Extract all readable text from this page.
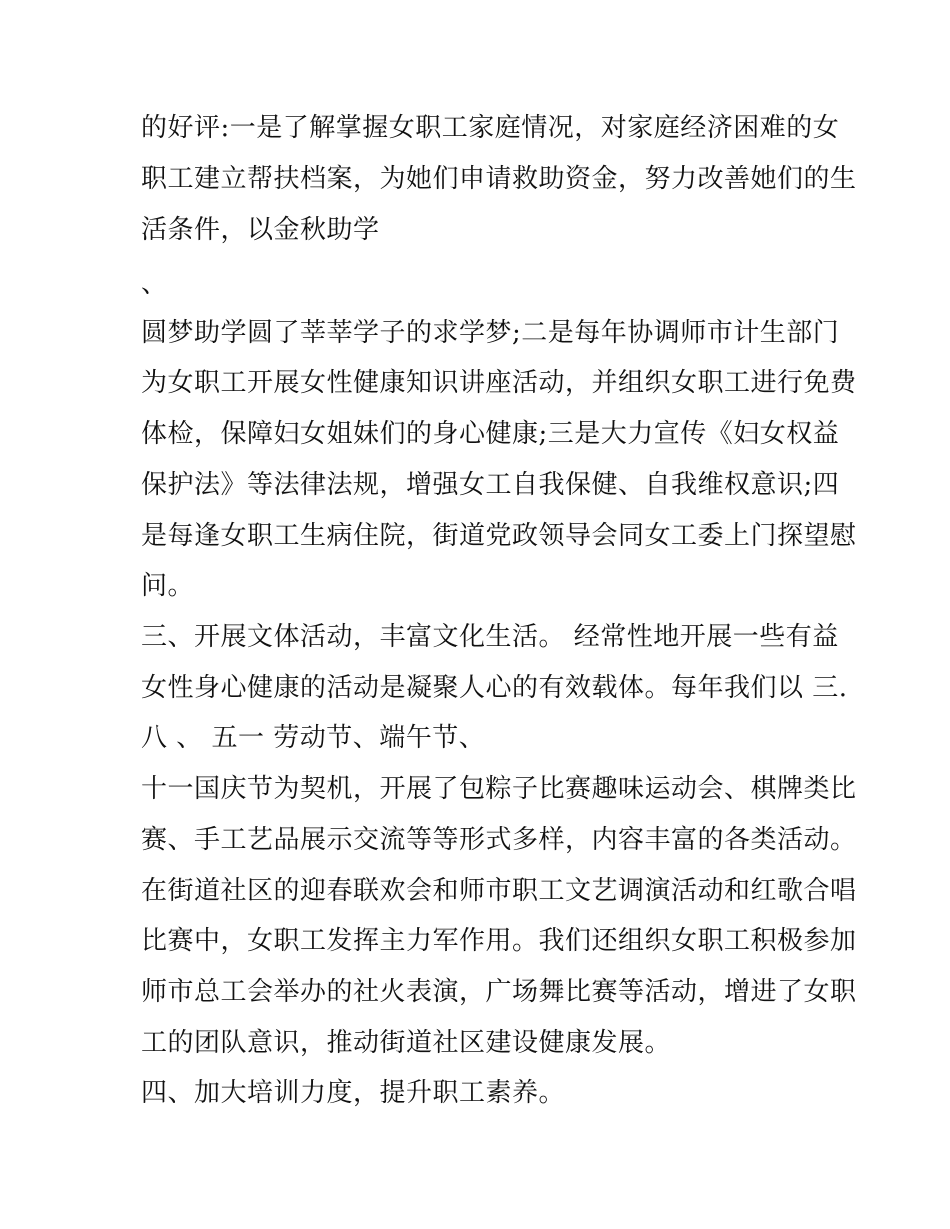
的好评:一是了解掌握女职工家庭情况，对家庭经济困难的女
职工建立帮扶档案，为她们申请救助资金，努力改善她们的生
活条件，以金秋助学
、
圆梦助学圆了莘莘学子的求学梦;二是每年协调师市计生部门
为女职工开展女性健康知识讲座活动，并组织女职工进行免费
体检，保障妇女姐妹们的身心健康;三是大力宣传《妇女权益
保护法》等法律法规，增强女工自我保健、自我维权意识;四
是每逢女职工生病住院，街道党政领导会同女工委上门探望慰
问。
三、开展文体活动，丰富文化生活。 经常性地开展一些有益
女性身心健康的活动是凝聚人心的有效载体。每年我们以 三.
八 、 五一 劳动节、端午节、
十一国庆节为契机，开展了包粽子比赛趣味运动会、棋牌类比
赛、手工艺品展示交流等等形式多样，内容丰富的各类活动。
在街道社区的迎春联欢会和师市职工文艺调演活动和红歌合唱
比赛中，女职工发挥主力军作用。我们还组织女职工积极参加
师市总工会举办的社火表演，广场舞比赛等活动，增进了女职
工的团队意识，推动街道社区建设健康发展。
四、加大培训力度，提升职工素养。
